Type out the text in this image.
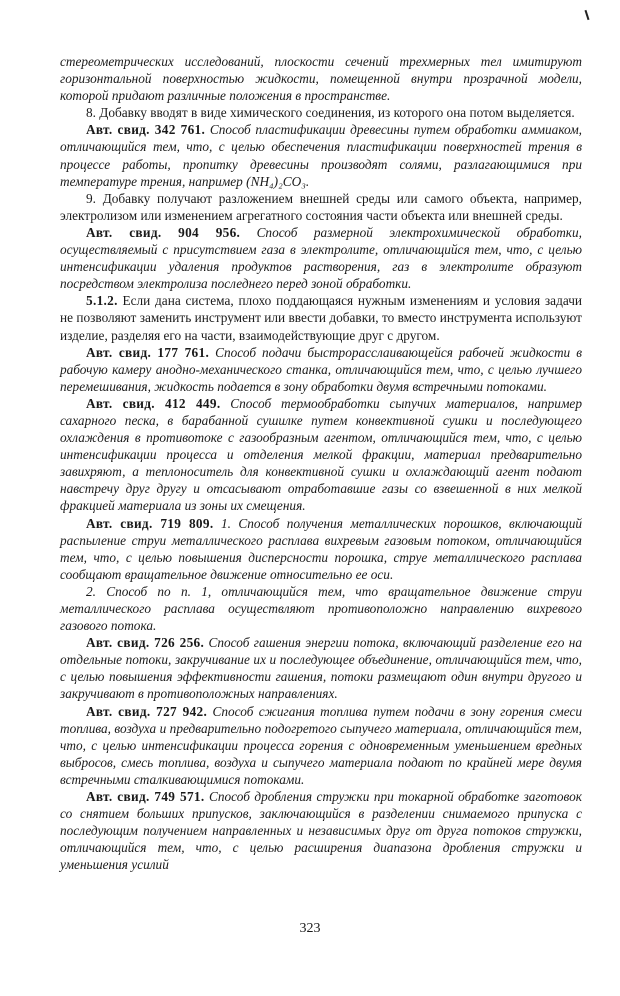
стереометрических исследований, плоскости сечений трехмерных тел имитируют горизонтальной поверхностью жидкости, помещенной внутри прозрачной модели, которой придают различные положения в пространстве.

8. Добавку вводят в виде химического соединения, из которого она потом выделяется.

Авт. свид. 342 761. Способ пластификации древесины путем обработки аммиаком, отличающийся тем, что, с целью обеспечения пластификации поверхностей трения в процессе работы, пропитку древесины производят солями, разлагающимися при температуре трения, например (NH₄)₂CO₃.

9. Добавку получают разложением внешней среды или самого объекта, например, электролизом или изменением агрегатного состояния части объекта или внешней среды.

Авт. свид. 904 956. Способ размерной электрохимической обработки, осуществляемый с присутствием газа в электролите, отличающийся тем, что, с целью интенсификации удаления продуктов растворения, газ в электролите образуют посредством электролиза последнего перед зоной обработки.

5.1.2. Если дана система, плохо поддающаяся нужным изменениям и условия задачи не позволяют заменить инструмент или ввести добавки, то вместо инструмента используют изделие, разделяя его на части, взаимодействующие друг с другом.

Авт. свид. 177 761. Способ подачи быстрорасслаивающейся рабочей жидкости в рабочую камеру анодно-механического станка, отличающийся тем, что, с целью лучшего перемешивания, жидкость подается в зону обработки двумя встречными потоками.

Авт. свид. 412 449. Способ термообработки сыпучих материалов, например сахарного песка, в барабанной сушилке путем конвективной сушки и последующего охлаждения в противотоке с газообразным агентом, отличающийся тем, что, с целью интенсификации процесса и отделения мелкой фракции, материал предварительно завихряют, а теплоноситель для конвективной сушки и охлаждающий агент подают навстречу друг другу и отсасывают отработавшие газы со взвешенной в них мелкой фракцией материала из зоны их смещения.

Авт. свид. 719 809. 1. Способ получения металлических порошков, включающий распыление струи металлического расплава вихревым газовым потоком, отличающийся тем, что, с целью повышения дисперсности порошка, струе металлического расплава сообщают вращательное движение относительно ее оси.

2. Способ по п. 1, отличающийся тем, что вращательное движение струи металлического расплава осуществляют противоположно направлению вихревого газового потока.

Авт. свид. 726 256. Способ гашения энергии потока, включающий разделение его на отдельные потоки, закручивание их и последующее объединение, отличающийся тем, что, с целью повышения эффективности гашения, потоки размещают один внутри другого и закручивают в противоположных направлениях.

Авт. свид. 727 942. Способ сжигания топлива путем подачи в зону горения смеси топлива, воздуха и предварительно подогретого сыпучего материала, отличающийся тем, что, с целью интенсификации процесса горения с одновременным уменьшением вредных выбросов, смесь топлива, воздуха и сыпучего материала подают по крайней мере двумя встречными сталкивающимися потоками.

Авт. свид. 749 571. Способ дробления стружки при токарной обработке заготовок со снятием больших припусков, заключающийся в разделении снимаемого припуска с последующим получением направленных и независимых друг от друга потоков стружки, отличающийся тем, что, с целью расширения диапазона дробления стружки и уменьшения усилий

323
